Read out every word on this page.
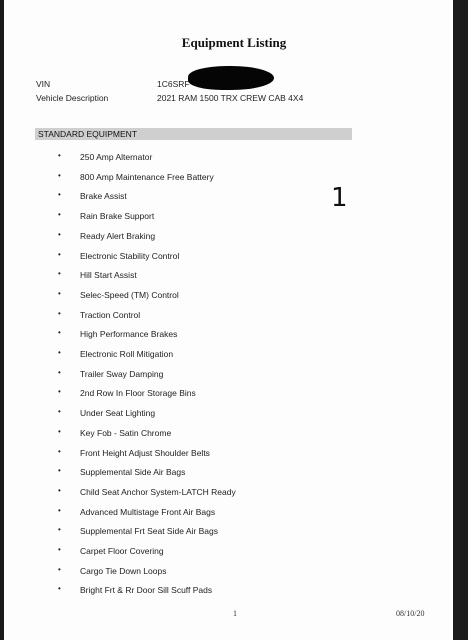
Equipment Listing
VIN	1C6SRF
Vehicle Description	2021 RAM 1500 TRX CREW CAB 4X4
STANDARD EQUIPMENT
1
• 250 Amp Alternator
• 800 Amp Maintenance Free Battery
• Brake Assist
• Rain Brake Support
• Ready Alert Braking
• Electronic Stability Control
• Hill Start Assist
• Selec-Speed (TM) Control
• Traction Control
• High Performance Brakes
• Electronic Roll Mitigation
• Trailer Sway Damping
• 2nd Row In Floor Storage Bins
• Under Seat Lighting
• Key Fob - Satin Chrome
• Front Height Adjust Shoulder Belts
• Supplemental Side Air Bags
• Child Seat Anchor System-LATCH Ready
• Advanced Multistage Front Air Bags
• Supplemental Frt Seat Side Air Bags
• Carpet Floor Covering
• Cargo Tie Down Loops
• Bright Frt & Rr Door Sill Scuff Pads
1	08/10/20
